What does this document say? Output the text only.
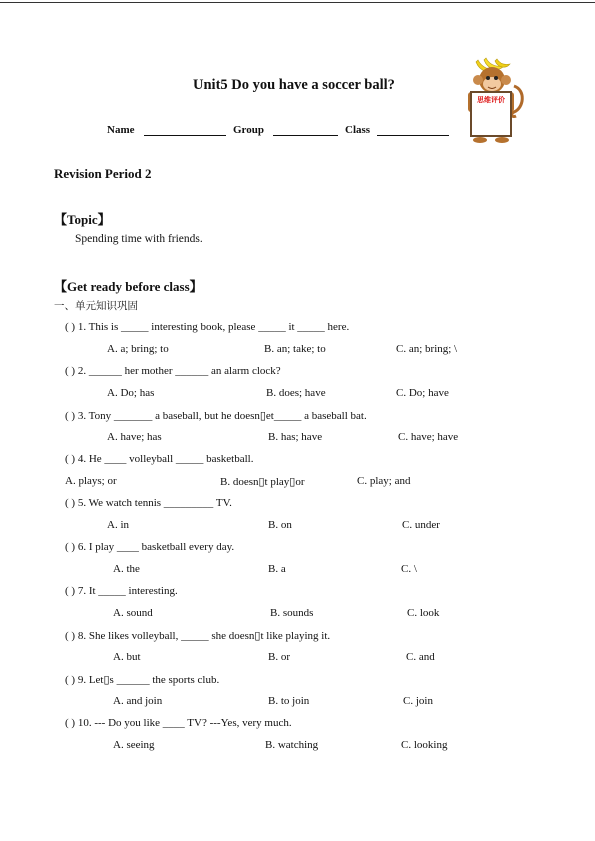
思维评价
Unit5 Do you have a soccer ball?
Name	Group	Class
Revision Period 2
【Topic】
Spending time with friends.
【Get ready before class】
一、单元知识巩固
( ) 1. This is _____ interesting book, please _____ it _____ here.
A. a; bring; to	B. an; take; to	C. an; bring; \
( ) 2. ______ her mother ______ an alarm clock?
A. Do; has	B. does; have	C. Do; have
( ) 3. Tony _______ a baseball, but he doesn▯et_____ a baseball bat.
A. have; has	B. has; have	C. have; have
( ) 4. He ____ volleyball _____ basketball.
A. plays; or	B. doesn▯t play▯or	C. play; and
( ) 5. We watch tennis _________ TV.
A. in	B. on	C. under
( ) 6. I play ____ basketball every day.
A. the	B. a	C. \
( ) 7. It _____ interesting.
A. sound	B. sounds	C. look
( ) 8. She likes volleyball, _____ she doesn▯t like playing it.
A. but	B. or	C. and
( ) 9. Let▯s ______ the sports club.
A. and join	B. to join	C. join
( ) 10. --- Do you like ____ TV? ---Yes, very much.
A. seeing	B. watching	C. looking
